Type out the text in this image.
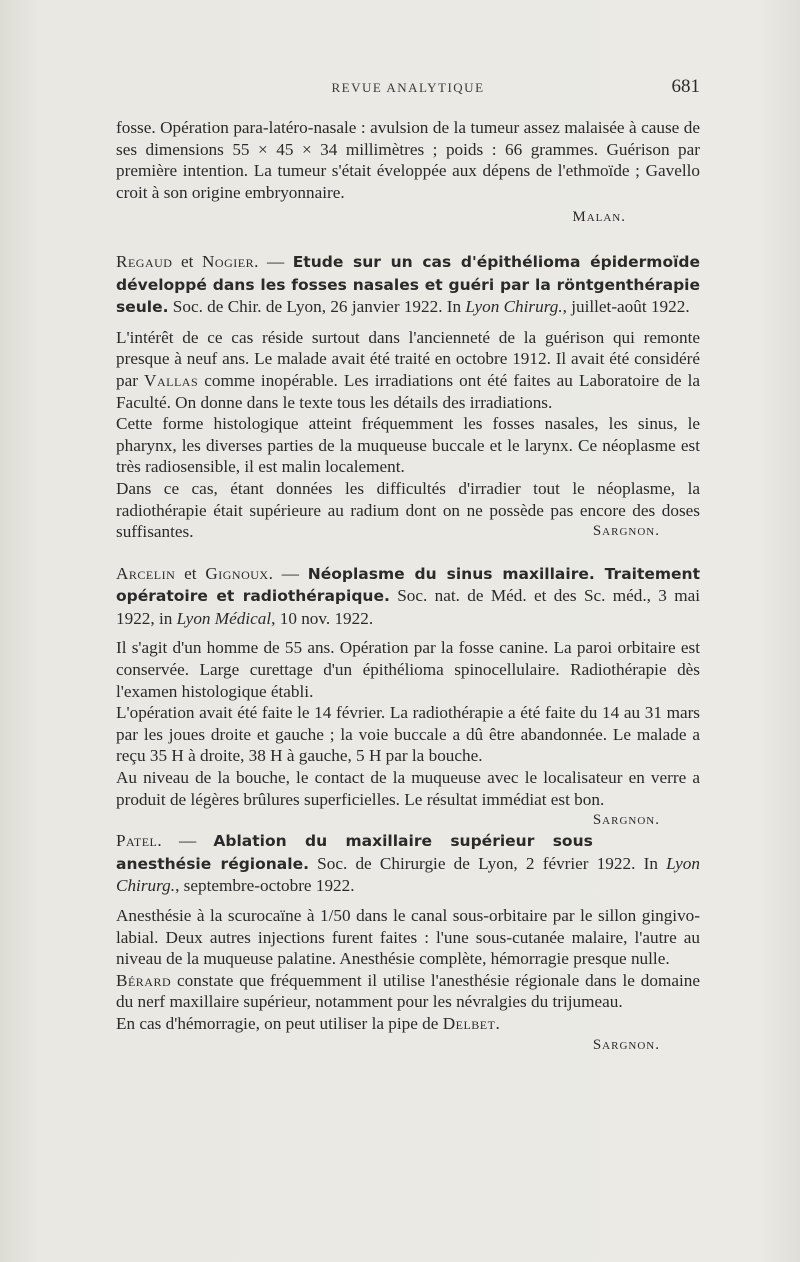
REVUE ANALYTIQUE	681

fosse. Opération para-latéro-nasale : avulsion de la tumeur assez malaisée à cause de ses dimensions 55 × 45 × 34 millimètres ; poids : 66 grammes. Guérison par première intention. La tumeur s'était éveloppée aux dépens de l'ethmoïde ; Gavello croit à son origine embryonnaire.

Malan.

Regaud et Nogier. — Etude sur un cas d'épithélioma épidermoïde développé dans les fosses nasales et guéri par la röntgenthérapie seule. Soc. de Chir. de Lyon, 26 janvier 1922. In Lyon Chirurg., juillet-août 1922.

L'intérêt de ce cas réside surtout dans l'ancienneté de la guérison qui remonte presque à neuf ans. Le malade avait été traité en octobre 1912. Il avait été considéré par Vallas comme inopérable. Les irradiations ont été faites au Laboratoire de la Faculté. On donne dans le texte tous les détails des irradiations.

Cette forme histologique atteint fréquemment les fosses nasales, les sinus, le pharynx, les diverses parties de la muqueuse buccale et le larynx. Ce néoplasme est très radiosensible, il est malin localement.

Dans ce cas, étant données les difficultés d'irradier tout le néoplasme, la radiothérapie était supérieure au radium dont on ne possède pas encore des doses suffisantes.	Sargnon.

Arcelin et Gignoux. — Néoplasme du sinus maxillaire. Traitement opératoire et radiothérapique. Soc. nat. de Méd. et des Sc. méd., 3 mai 1922, in Lyon Médical, 10 nov. 1922.

Il s'agit d'un homme de 55 ans. Opération par la fosse canine. La paroi orbitaire est conservée. Large curettage d'un épithélioma spinocellulaire. Radiothérapie dès l'examen histologique établi.

L'opération avait été faite le 14 février. La radiothérapie a été faite du 14 au 31 mars par les joues droite et gauche ; la voie buccale a dû être abandonnée. Le malade a reçu 35 H à droite, 38 H à gauche, 5 H par la bouche.

Au niveau de la bouche, le contact de la muqueuse avec le localisateur en verre a produit de légères brûlures superficielles. Le résultat immédiat est bon.
Sargnon.

Patel. — Ablation du maxillaire supérieur sous anesthésie régionale. Soc. de Chirurgie de Lyon, 2 février 1922. In Lyon Chirurg., septembre-octobre 1922.

Anesthésie à la scurocaïne à 1/50 dans le canal sous-orbitaire par le sillon gingivo-labial. Deux autres injections furent faites : l'une sous-cutanée malaire, l'autre au niveau de la muqueuse palatine. Anesthésie complète, hémorragie presque nulle.

Bérard constate que fréquemment il utilise l'anesthésie régionale dans le domaine du nerf maxillaire supérieur, notamment pour les névralgies du trijumeau.

En cas d'hémorragie, on peut utiliser la pipe de Delbet.

Sargnon.
